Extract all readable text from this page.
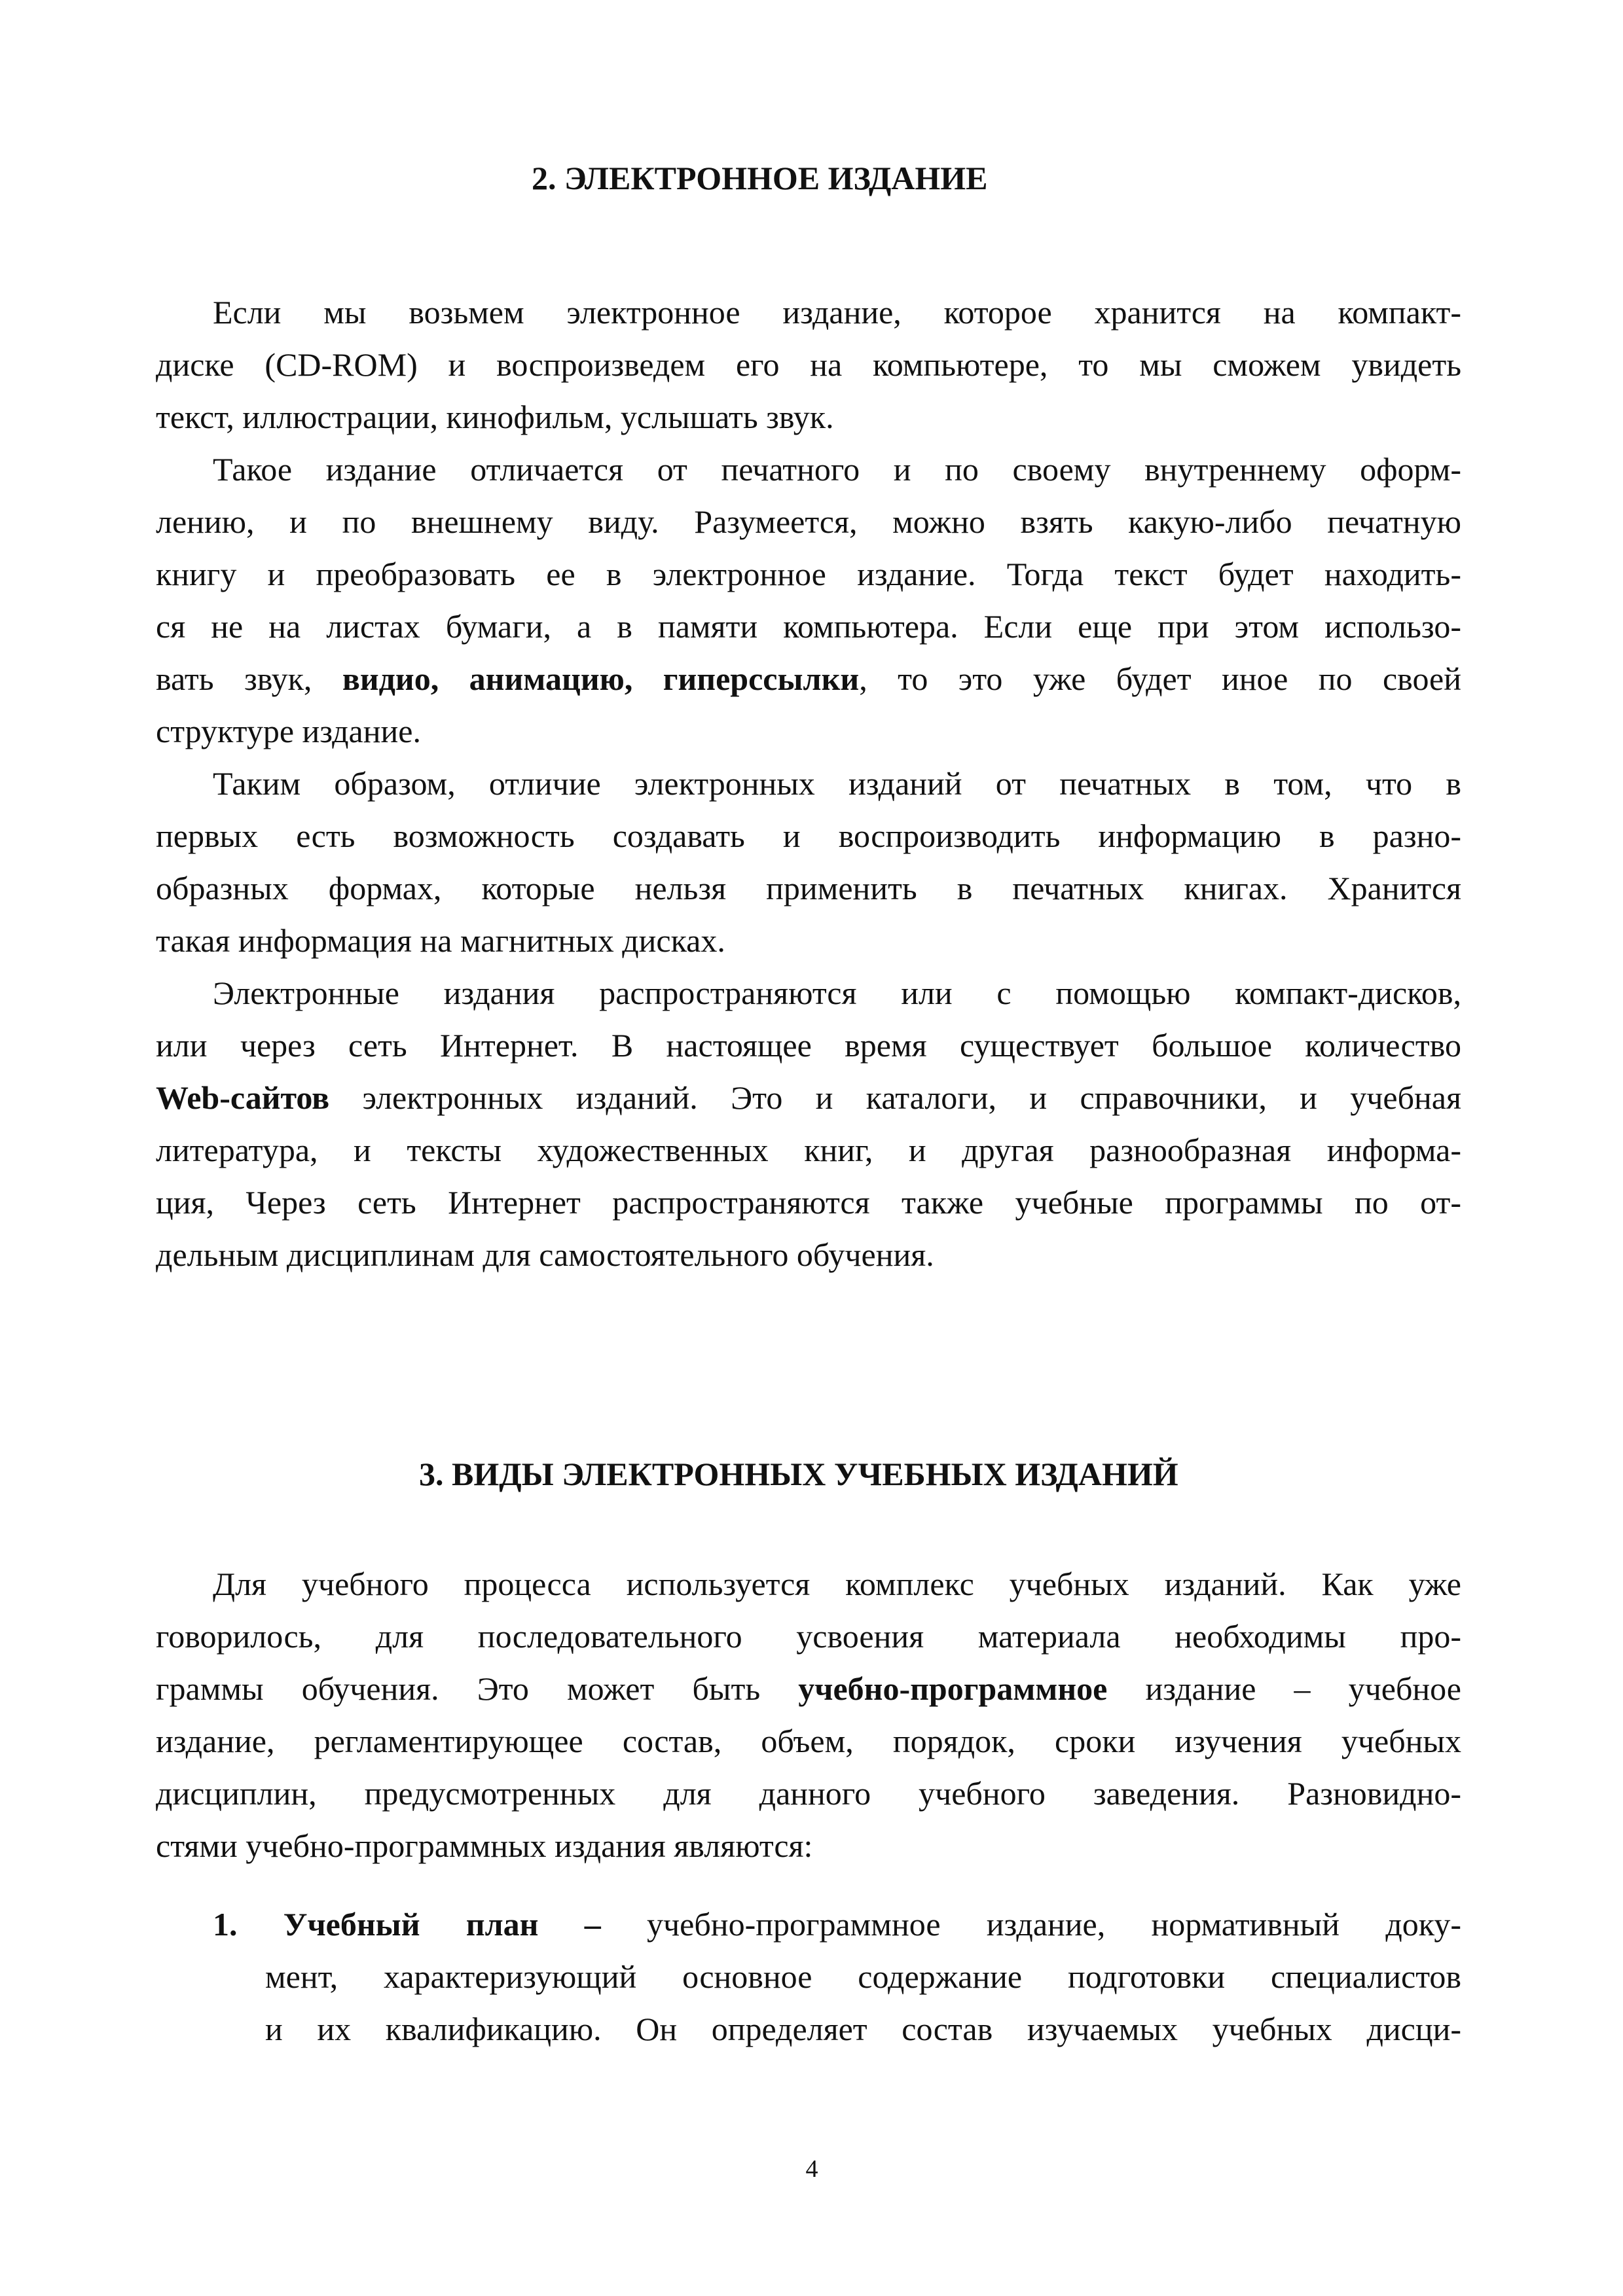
2. ЭЛЕКТРОННОЕ ИЗДАНИЕ
Если мы возьмем электронное издание, которое хранится на компакт-
диске (CD-ROM) и воспроизведем его на компьютере, то мы сможем увидеть
текст, иллюстрации, кинофильм, услышать звук.
Такое издание отличается от печатного и по своему внутреннему оформ-
лению, и по внешнему виду. Разумеется, можно взять какую-либо печатную
книгу и преобразовать ее в электронное издание. Тогда текст будет находить-
ся не на листах бумаги, а в памяти компьютера. Если еще при этом использо-
вать звук, видио, анимацию, гиперссылки, то это уже будет иное по своей
структуре издание.
Таким образом, отличие электронных изданий от печатных в том, что в
первых есть возможность создавать и воспроизводить информацию в разно-
образных формах, которые нельзя применить в печатных книгах. Хранится
такая информация на магнитных дисках.
Электронные издания распространяются или с помощью компакт-дисков,
или через сеть Интернет. В настоящее время существует большое количество
Web-сайтов электронных изданий. Это и каталоги, и справочники, и учебная
литература, и тексты художественных книг, и другая разнообразная информа-
ция, Через сеть Интернет распространяются также учебные программы по от-
дельным дисциплинам для самостоятельного обучения.
3. ВИДЫ ЭЛЕКТРОННЫХ УЧЕБНЫХ ИЗДАНИЙ
Для учебного процесса используется комплекс учебных изданий. Как уже
говорилось, для последовательного усвоения материала необходимы про-
граммы обучения. Это может быть учебно-программное издание – учебное
издание, регламентирующее состав, объем, порядок, сроки изучения учебных
дисциплин, предусмотренных для данного учебного заведения. Разновидно-
стями учебно-программных издания являются:
1. Учебный план – учебно-программное издание, нормативный доку-
мент, характеризующий основное содержание подготовки специалистов
и их квалификацию. Он определяет состав изучаемых учебных дисци-
4
